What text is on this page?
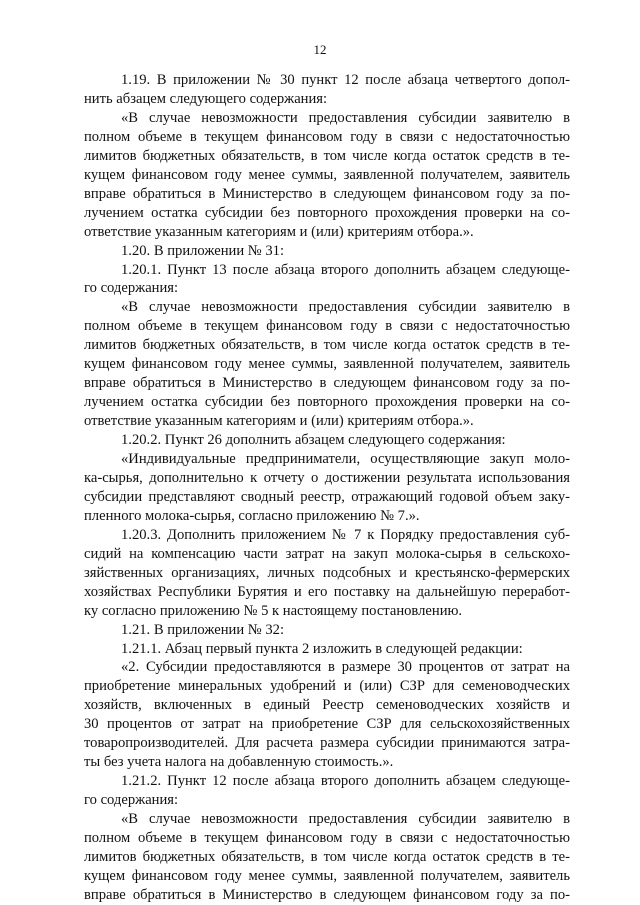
12
1.19. В приложении № 30 пункт 12 после абзаца четвертого допол-
нить абзацем следующего содержания:
«В случае невозможности предоставления субсидии заявителю в
полном объеме в текущем финансовом году в связи с недостаточностью
лимитов бюджетных обязательств, в том числе когда остаток средств в те-
кущем финансовом году менее суммы, заявленной получателем, заявитель
вправе обратиться в Министерство в следующем финансовом году за по-
лучением остатка субсидии без повторного прохождения проверки на со-
ответствие указанным категориям и (или) критериям отбора.».
1.20. В приложении № 31:
1.20.1. Пункт 13 после абзаца второго дополнить абзацем следующе-
го содержания:
«В случае невозможности предоставления субсидии заявителю в
полном объеме в текущем финансовом году в связи с недостаточностью
лимитов бюджетных обязательств, в том числе когда остаток средств в те-
кущем финансовом году менее суммы, заявленной получателем, заявитель
вправе обратиться в Министерство в следующем финансовом году за по-
лучением остатка субсидии без повторного прохождения проверки на со-
ответствие указанным категориям и (или) критериям отбора.».
1.20.2. Пункт 26 дополнить абзацем следующего содержания:
«Индивидуальные предприниматели, осуществляющие закуп моло-
ка-сырья, дополнительно к отчету о достижении результата использования
субсидии представляют сводный реестр, отражающий годовой объем заку-
пленного молока-сырья, согласно приложению № 7.».
1.20.3. Дополнить приложением № 7 к Порядку предоставления суб-
сидий на компенсацию части затрат на закуп молока-сырья в сельскохо-
зяйственных организациях, личных подсобных и крестьянско-фермерских
хозяйствах Республики Бурятия и его поставку на дальнейшую переработ-
ку согласно приложению № 5 к настоящему постановлению.
1.21. В приложении № 32:
1.21.1. Абзац первый пункта 2 изложить в следующей редакции:
«2. Субсидии предоставляются в размере 30 процентов от затрат на
приобретение минеральных удобрений и (или) СЗР для семеноводческих
хозяйств, включенных в единый Реестр семеноводческих хозяйств и
30 процентов от затрат на приобретение СЗР для сельскохозяйственных
товаропроизводителей. Для расчета размера субсидии принимаются затра-
ты без учета налога на добавленную стоимость.».
1.21.2. Пункт 12 после абзаца второго дополнить абзацем следующе-
го содержания:
«В случае невозможности предоставления субсидии заявителю в
полном объеме в текущем финансовом году в связи с недостаточностью
лимитов бюджетных обязательств, в том числе когда остаток средств в те-
кущем финансовом году менее суммы, заявленной получателем, заявитель
вправе обратиться в Министерство в следующем финансовом году за по-
